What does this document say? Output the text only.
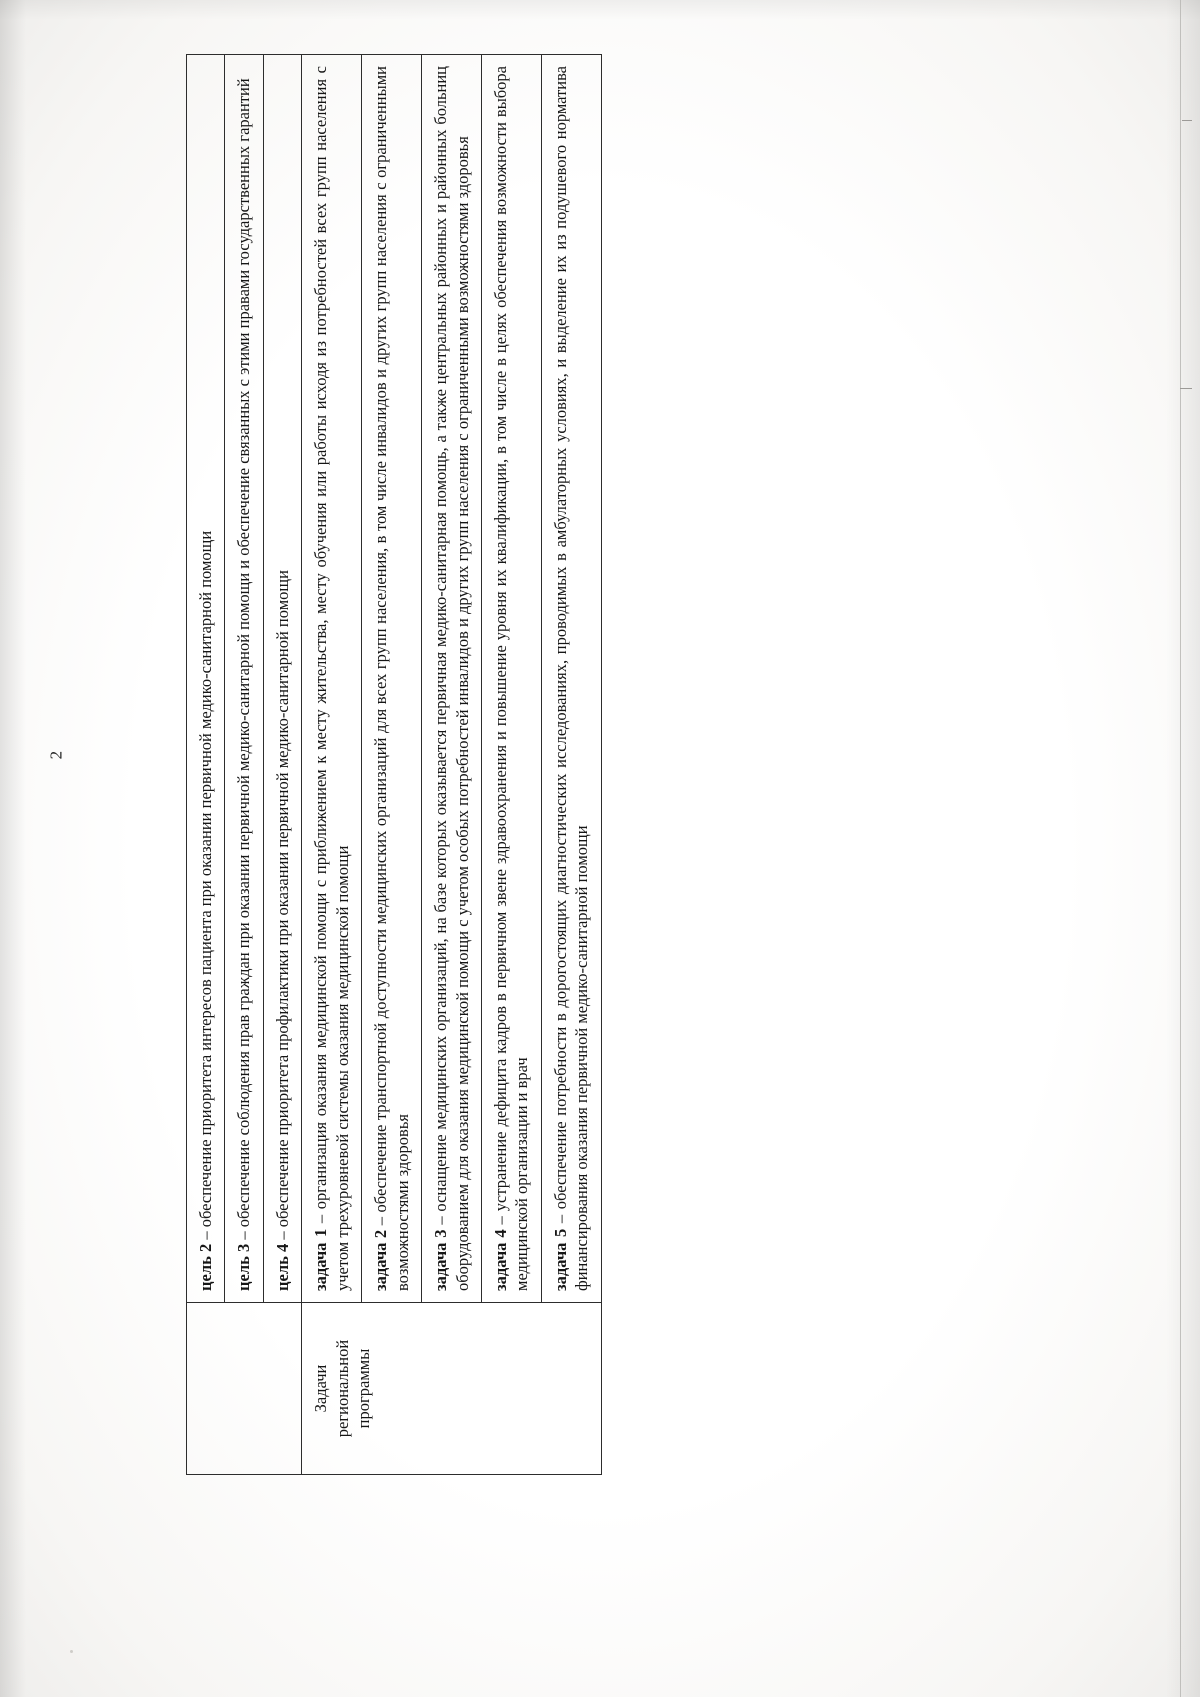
2

	цель 2 – обеспечение приоритета интересов пациента при оказании первичной медико-санитарной помощи

	цель 3 – обеспечение соблюдения прав граждан при оказании первичной медико-санитарной помощи и обеспечение связанных с этими правами государственных гарантий

	цель 4 – обеспечение приоритета профилактики при оказании первичной медико-санитарной помощи

Задачи региональной программы	задача 1 – организация оказания медицинской помощи с приближением к месту жительства, месту обучения или работы исходя из потребностей всех групп населения с учетом трехуровневой системы оказания медицинской помощи

	задача 2 – обеспечение транспортной доступности медицинских организаций для всех групп населения, в том числе инвалидов и других групп населения с ограниченными возможностями здоровья

	задача 3 – оснащение медицинских организаций, на базе которых оказывается первичная медико-санитарная помощь, а также центральных районных и районных больниц оборудованием для оказания медицинской помощи с учетом особых потребностей инвалидов и других групп населения с ограниченными возможностями здоровья

	задача 4 – устранение дефицита кадров в первичном звене здравоохранения и повышение уровня их квалификации, в том числе в целях обеспечения возможности выбора медицинской организации и врач

	задача 5 – обеспечение потребности в дорогостоящих диагностических исследованиях, проводимых в амбулаторных условиях, и выделение их из подушевого норматива финансирования оказания первичной медико-санитарной помощи
